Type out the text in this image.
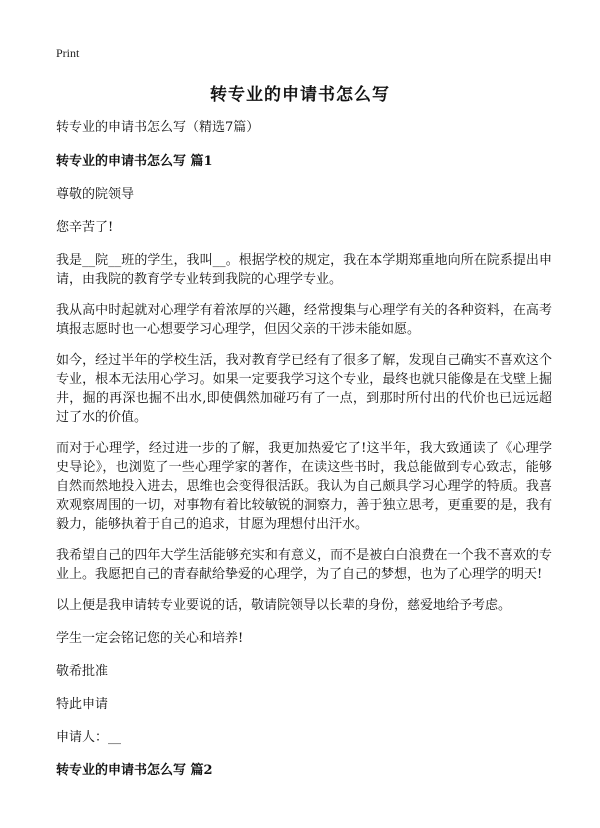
Print
转专业的申请书怎么写

转专业的申请书怎么写（精选7篇）

转专业的申请书怎么写 篇1

尊敬的院领导

您辛苦了!

我是__院__班的学生，我叫__。根据学校的规定，我在本学期郑重地向所在院系提出申请，由我院的教育学专业转到我院的心理学专业。

我从高中时起就对心理学有着浓厚的兴趣，经常搜集与心理学有关的各种资料，在高考填报志愿时也一心想要学习心理学，但因父亲的干涉未能如愿。

如今，经过半年的学校生活，我对教育学已经有了很多了解，发现自己确实不喜欢这个专业，根本无法用心学习。如果一定要我学习这个专业，最终也就只能像是在戈壁上掘井，掘的再深也掘不出水,即使偶然加碰巧有了一点，到那时所付出的代价也已远远超过了水的价值。

而对于心理学，经过进一步的了解，我更加热爱它了!这半年，我大致通读了《心理学史导论》，也浏览了一些心理学家的著作，在读这些书时，我总能做到专心致志，能够自然而然地投入进去，思维也会变得很活跃。我认为自己颇具学习心理学的特质。我喜欢观察周围的一切，对事物有着比较敏锐的洞察力，善于独立思考，更重要的是，我有毅力，能够执着于自己的追求，甘愿为理想付出汗水。

我希望自己的四年大学生活能够充实和有意义，而不是被白白浪费在一个我不喜欢的专业上。我愿把自己的青春献给挚爱的心理学，为了自己的梦想，也为了心理学的明天!

以上便是我申请转专业要说的话，敬请院领导以长辈的身份，慈爱地给予考虑。

学生一定会铭记您的关心和培养!

敬希批准

特此申请

申请人：__

转专业的申请书怎么写 篇2
